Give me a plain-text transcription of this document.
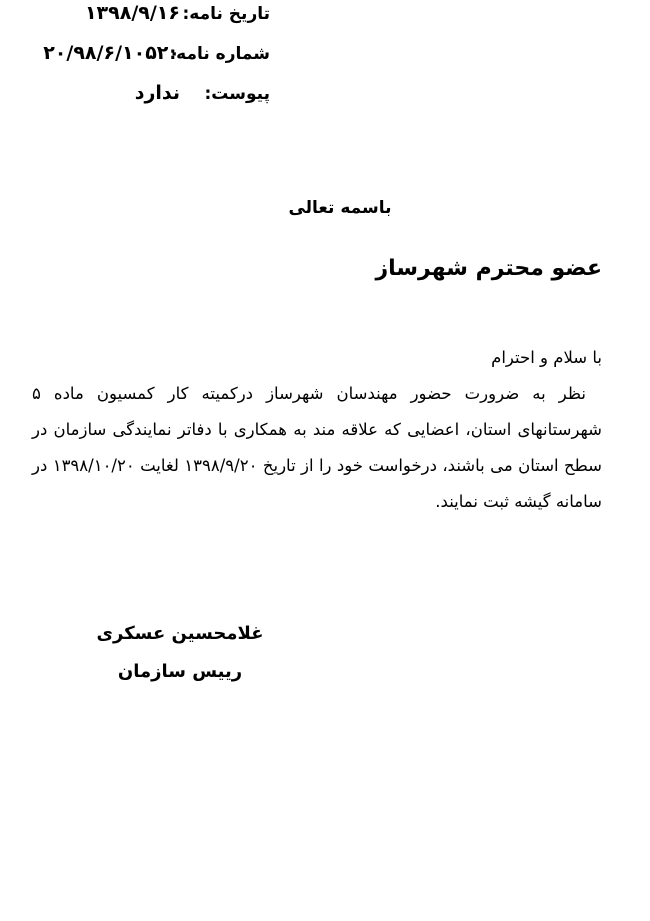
تاریخ نامه:
۱۳۹۸/۹/۱۶
شماره نامه:
۲۰/۹۸/۶/۱۰۵۲۰
پیوست:
ندارد
باسمه تعالی
عضو محترم شهرساز
با سلام و احترام
نظر به ضرورت حضور مهندسان شهرساز درکمیته کار کمسیون ماده ۵ شهرستانهای استان، اعضایی که علاقه مند به همکاری با دفاتر نمایندگی سازمان در سطح استان می باشند، درخواست خود را از تاریخ ۱۳۹۸/۹/۲۰ لغایت ۱۳۹۸/۱۰/۲۰ در سامانه گیشه ثبت نمایند.
غلامحسین عسکری
رییس سازمان
